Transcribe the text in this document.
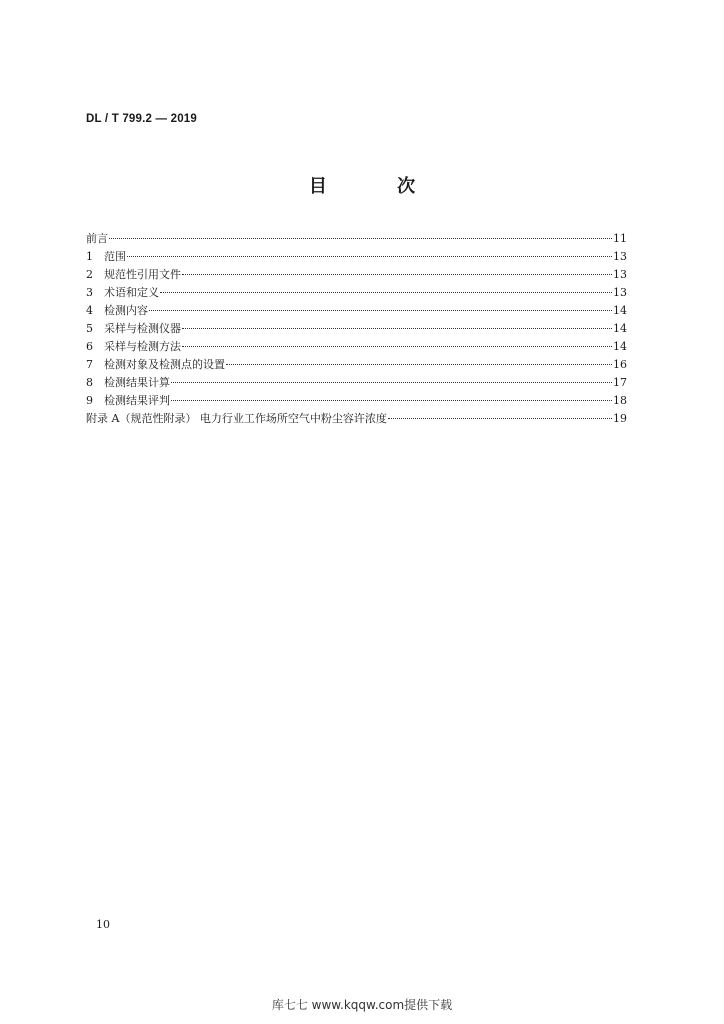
DL / T 799.2 — 2019
目 次
前言	11
1	范围	13
2	规范性引用文件	13
3	术语和定义	13
4	检测内容	14
5	采样与检测仪器	14
6	采样与检测方法	14
7	检测对象及检测点的设置	16
8	检测结果计算	17
9	检测结果评判	18
附录 A（规范性附录） 电力行业工作场所空气中粉尘容许浓度	19
10
库七七 www.kqqw.com提供下载
